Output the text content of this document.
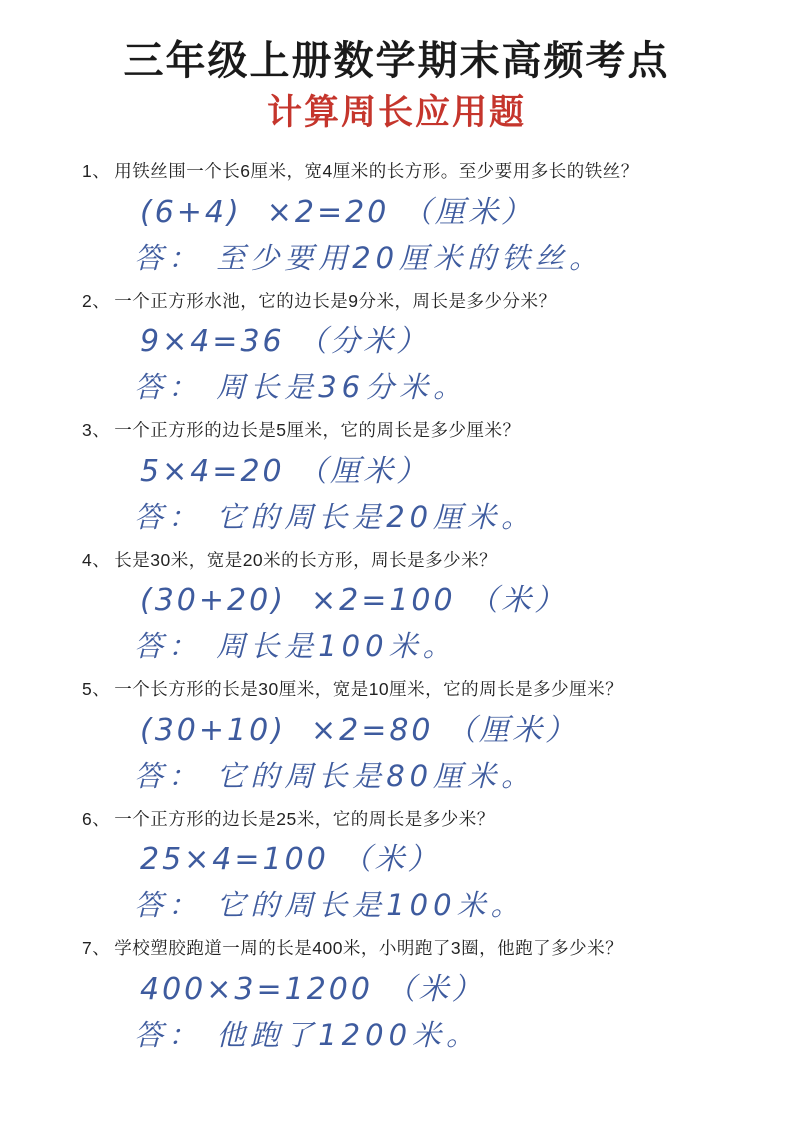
三年级上册数学期末高频考点
计算周长应用题

1、 用铁丝围一个长6厘米，宽4厘米的长方形。至少要用多长的铁丝？

(6+4)  ×2=20 （厘米）

答： 至少要用20厘米的铁丝。

2、 一个正方形水池，它的边长是9分米，周长是多少分米？

9×4=36 （分米）

答： 周长是36分米。

3、 一个正方形的边长是5厘米，它的周长是多少厘米？

5×4=20 （厘米）

答： 它的周长是20厘米。

4、 长是30米，宽是20米的长方形，周长是多少米？

(30+20)  ×2=100 （米）

答： 周长是100米。

5、 一个长方形的长是30厘米，宽是10厘米，它的周长是多少厘米？

(30+10)  ×2=80 （厘米）

答： 它的周长是80厘米。

6、 一个正方形的边长是25米，它的周长是多少米？

25×4=100 （米）

答： 它的周长是100米。

7、 学校塑胶跑道一周的长是400米，小明跑了3圈，他跑了多少米？

400×3=1200 （米）

答： 他跑了1200米。
